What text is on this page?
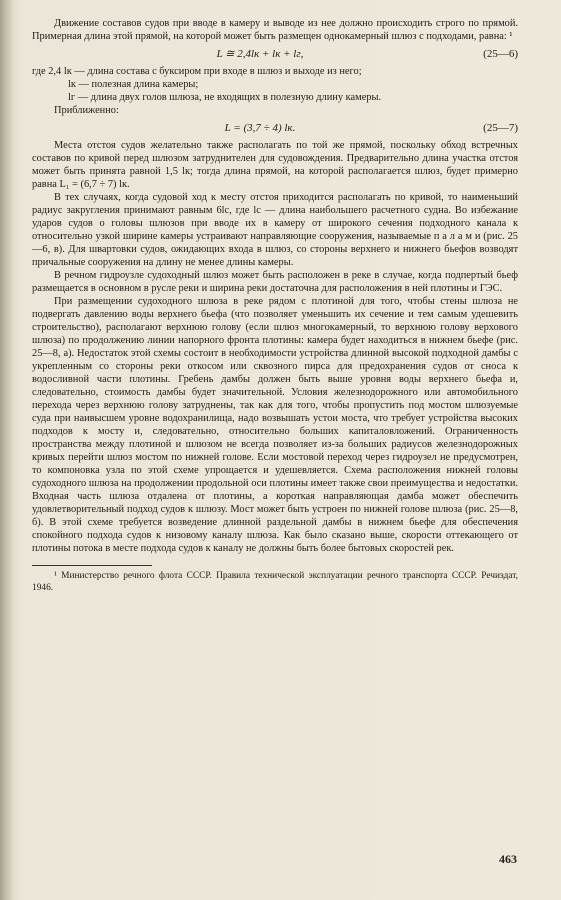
Движение составов судов при вводе в камеру и выводе из нее должно происходить строго по прямой. Примерная длина этой прямой, на которой может быть размещен однокамерный шлюз с подходами, равна: ¹

L ≅ 2,4lк + lк + lг,	(25—6)

где 2,4 lк — длина состава с буксиром при входе в шлюз и выходе из него;

lк — полезная длина камеры;

lг — длина двух голов шлюза, не входящих в полезную длину камеры.

Приближенно:

L = (3,7 ÷ 4) lк.	(25—7)

Места отстоя судов желательно также располагать по той же прямой, поскольку обход встречных составов по кривой перед шлюзом затруднителен для судовождения. Предварительно длина участка отстоя может быть принята равной 1,5 lк; тогда длина прямой, на которой располагается шлюз, будет примерно равна L₁ = (6,7 ÷ 7) lк.

В тех случаях, когда судовой ход к месту отстоя приходится располагать по кривой, то наименьший радиус закругления принимают равным 6lс, где lс — длина наибольшего расчетного судна. Во избежание ударов судов о головы шлюзов при вводе их в камеру от широкого сечения подходного канала к относительно узкой ширине камеры устраивают направляющие сооружения, называемые п а л а м и (рис. 25—6, в). Для швартовки судов, ожидающих входа в шлюз, со стороны верхнего и нижнего бьефов возводят причальные сооружения на длину не менее длины камеры.

В речном гидроузле судоходный шлюз может быть расположен в реке в случае, когда подпертый бьеф размещается в основном в русле реки и ширина реки достаточна для расположения в ней плотины и ГЭС.

При размещении судоходного шлюза в реке рядом с плотиной для того, чтобы стены шлюза не подвергать давлению воды верхнего бьефа (что позволяет уменьшить их сечение и тем самым удешевить строительство), располагают верхнюю голову (если шлюз многокамерный, то верхнюю голову верхового шлюза) по продолжению линии напорного фронта плотины: камера будет находиться в нижнем бьефе (рис. 25—8, а). Недостаток этой схемы состоит в необходимости устройства длинной высокой подходной дамбы с укрепленным со стороны реки откосом или сквозного пирса для предохранения судов от сноса к водосливной части плотины. Гребень дамбы должен быть выше уровня воды верхнего бьефа и, следовательно, стоимость дамбы будет значительной. Условия железнодорожного или автомобильного перехода через верхнюю голову затруднены, так как для того, чтобы пропустить под мостом шлюзуемые суда при наивысшем уровне водохранилища, надо возвышать устои моста, что требует устройства высоких подходов к мосту и, следовательно, относительно больших капиталовложений. Ограниченность пространства между плотиной и шлюзом не всегда позволяет из-за больших радиусов железнодорожных кривых перейти шлюз мостом по нижней голове. Если мостовой переход через гидроузел не предусмотрен, то компоновка узла по этой схеме упрощается и удешевляется. Схема расположения нижней головы судоходного шлюза на продолжении продольной оси плотины имеет также свои преимущества и недостатки. Входная часть шлюза отдалена от плотины, а короткая направляющая дамба может обеспечить удовлетворительный подход судов к шлюзу. Мост может быть устроен по нижней голове шлюза (рис. 25—8, б). В этой схеме требуется возведение длинной раздельной дамбы в нижнем бьефе для обеспечения спокойного подхода судов к низовому каналу шлюза. Как было сказано выше, скорости оттекающего от плотины потока в месте подхода судов к каналу не должны быть более бытовых скоростей рек.

¹ Министерство речного флота СССР. Правила технической эксплуатации речного транспорта СССР. Речиздат, 1946.

463
